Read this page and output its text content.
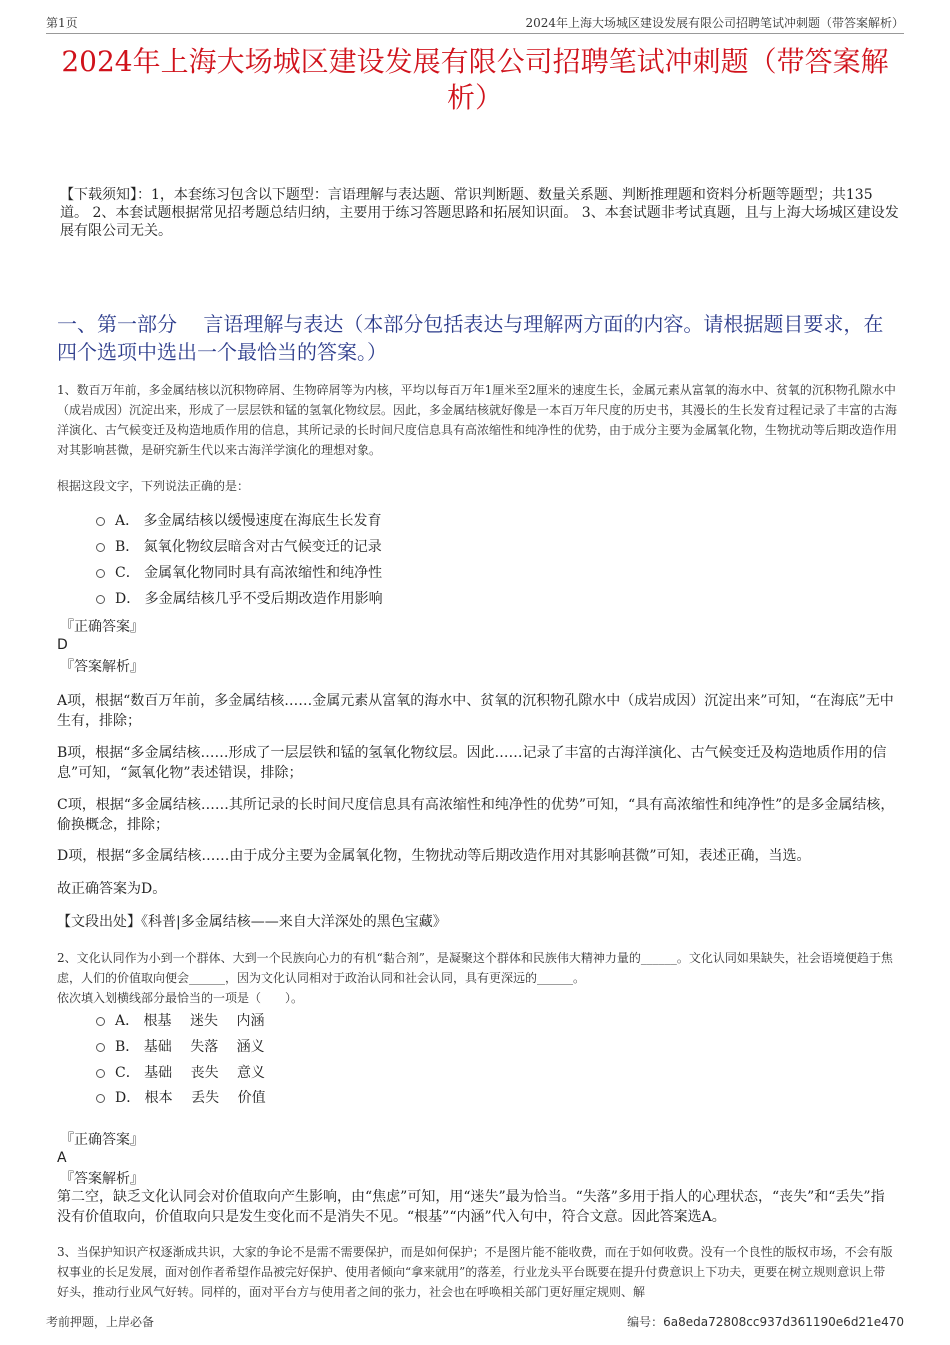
第1页	2024年上海大场城区建设发展有限公司招聘笔试冲刺题（带答案解析）
2024年上海大场城区建设发展有限公司招聘笔试冲刺题（带答案解析）
【下载须知】：1，本套练习包含以下题型：言语理解与表达题、常识判断题、数量关系题、判断推理题和资料分析题等题型；共135道。 2、本套试题根据常见招考题总结归纳，主要用于练习答题思路和拓展知识面。 3、本套试题非考试真题，且与上海大场城区建设发展有限公司无关。
一、第一部分　 言语理解与表达（本部分包括表达与理解两方面的内容。请根据题目要求，在四个选项中选出一个最恰当的答案。）
1、数百万年前，多金属结核以沉积物碎屑、生物碎屑等为内核，平均以每百万年1厘米至2厘米的速度生长，金属元素从富氧的海水中、贫氧的沉积物孔隙水中（成岩成因）沉淀出来，形成了一层层铁和锰的氢氧化物纹层。因此，多金属结核就好像是一本百万年尺度的历史书，其漫长的生长发育过程记录了丰富的古海洋演化、古气候变迁及构造地质作用的信息，其所记录的长时间尺度信息具有高浓缩性和纯净性的优势，由于成分主要为金属氧化物，生物扰动等后期改造作用对其影响甚微，是研究新生代以来古海洋学演化的理想对象。
根据这段文字，下列说法正确的是：
A． 多金属结核以缓慢速度在海底生长发育
B． 氮氧化物纹层暗含对古气候变迁的记录
C． 金属氧化物同时具有高浓缩性和纯净性
D． 多金属结核几乎不受后期改造作用影响
『正确答案』
D
『答案解析』
A项，根据“数百万年前，多金属结核……金属元素从富氧的海水中、贫氧的沉积物孔隙水中（成岩成因）沉淀出来”可知，“在海底”无中生有，排除；
B项，根据“多金属结核……形成了一层层铁和锰的氢氧化物纹层。因此……记录了丰富的古海洋演化、古气候变迁及构造地质作用的信息”可知，“氮氧化物”表述错误，排除；
C项，根据“多金属结核……其所记录的长时间尺度信息具有高浓缩性和纯净性的优势”可知，“具有高浓缩性和纯净性”的是多金属结核，偷换概念，排除；
D项，根据“多金属结核……由于成分主要为金属氧化物，生物扰动等后期改造作用对其影响甚微”可知，表述正确，当选。
故正确答案为D。
【文段出处】《科普|多金属结核——来自大洋深处的黑色宝藏》
2、文化认同作为小到一个群体、大到一个民族向心力的有机“黏合剂”，是凝聚这个群体和民族伟大精神力量的______。文化认同如果缺失，社会语境便趋于焦虑，人们的价值取向便会______，因为文化认同相对于政治认同和社会认同，具有更深远的______。
依次填入划横线部分最恰当的一项是（　　）。
A． 根基　 迷失　 内涵
B． 基础　 失落　 涵义
C． 基础　 丧失　 意义
D． 根本　 丢失　 价值
『正确答案』
A
『答案解析』
第二空，缺乏文化认同会对价值取向产生影响，由“焦虑”可知，用“迷失”最为恰当。“失落”多用于指人的心理状态，“丧失”和“丢失”指没有价值取向，价值取向只是发生变化而不是消失不见。“根基”“内涵”代入句中，符合文意。因此答案选A。
3、当保护知识产权逐渐成共识，大家的争论不是需不需要保护，而是如何保护；不是图片能不能收费，而在于如何收费。没有一个良性的版权市场，不会有版权事业的长足发展，面对创作者希望作品被完好保护、使用者倾向“拿来就用”的落差，行业龙头平台既要在提升付费意识上下功夫，更要在树立规则意识上带好头，推动行业风气好转。同样的，面对平台方与使用者之间的张力，社会也在呼唤相关部门更好厘定规则、解
考前押题，上岸必备	编号：6a8eda72808cc937d361190e6d21e470
